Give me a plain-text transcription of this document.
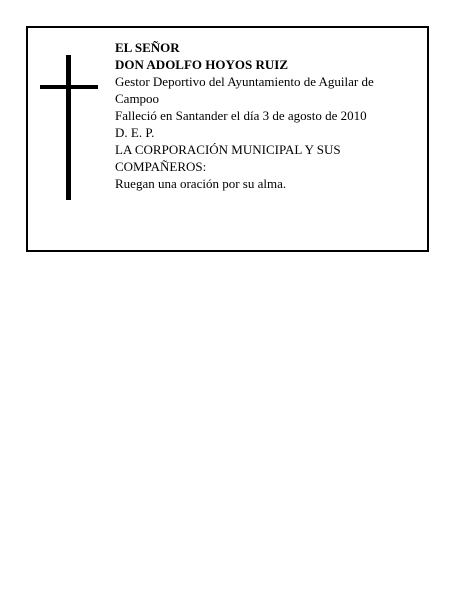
EL SEÑOR
DON ADOLFO HOYOS RUIZ
Gestor Deportivo del Ayuntamiento de Aguilar de Campoo
Falleció en Santander el día 3 de agosto de 2010
D. E. P.
LA CORPORACIÓN MUNICIPAL Y SUS COMPAÑEROS:
Ruegan una oración por su alma.
